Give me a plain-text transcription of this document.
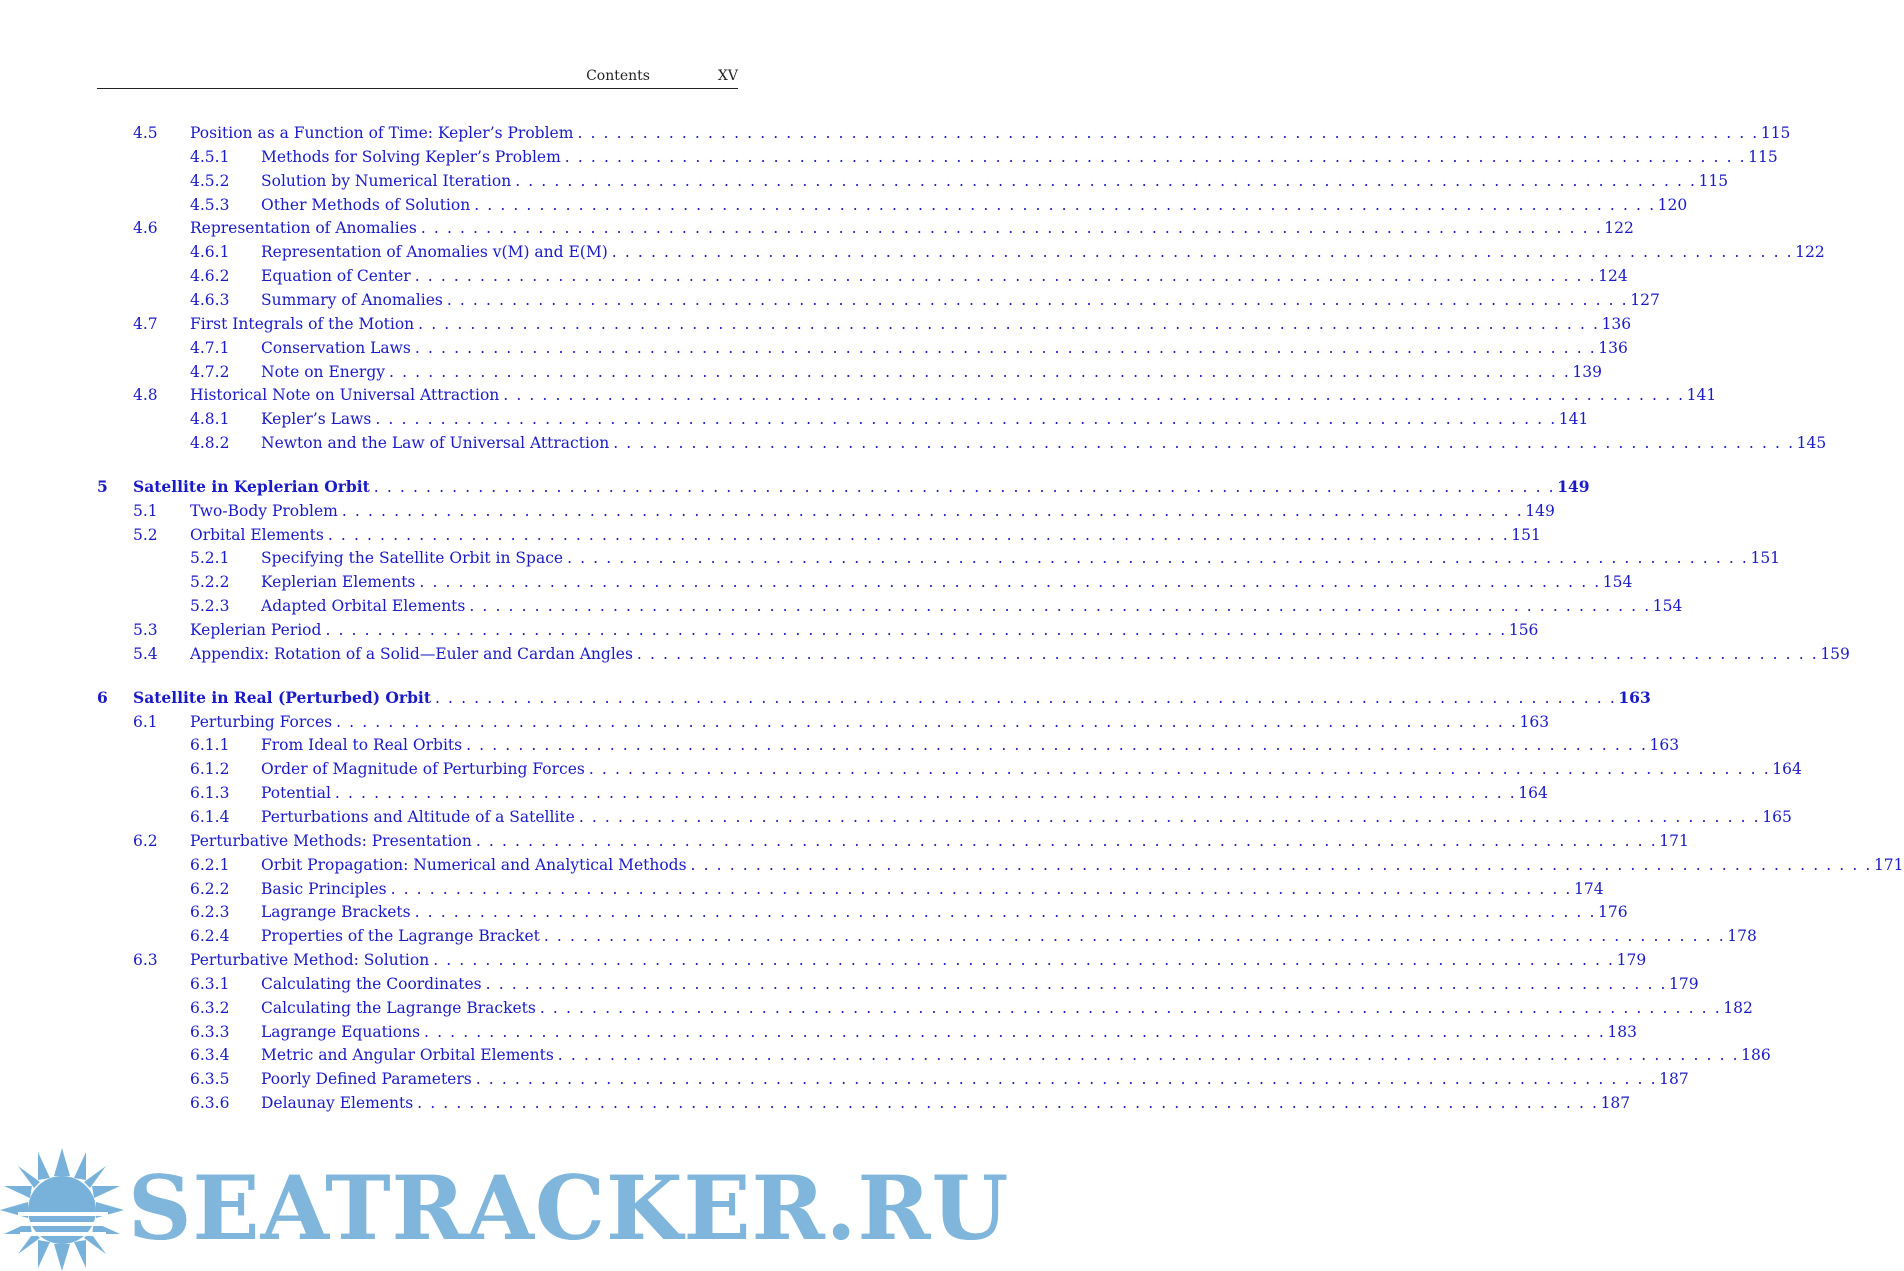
Contents	XV
4.5 Position as a Function of Time: Kepler’s Problem . . .	115
4.5.1 Methods for Solving Kepler’s Problem . . .	115
4.5.2 Solution by Numerical Iteration . . .	115
4.5.3 Other Methods of Solution . . .	120
4.6 Representation of Anomalies . . .	122
4.6.1 Representation of Anomalies v(M) and E(M) . . .	122
4.6.2 Equation of Center . . .	124
4.6.3 Summary of Anomalies . . .	127
4.7 First Integrals of the Motion . . .	136
4.7.1 Conservation Laws . . .	136
4.7.2 Note on Energy . . .	139
4.8 Historical Note on Universal Attraction . . .	141
4.8.1 Kepler’s Laws . . .	141
4.8.2 Newton and the Law of Universal Attraction . . .	145
5 Satellite in Keplerian Orbit . . .	149
5.1 Two-Body Problem . . .	149
5.2 Orbital Elements . . .	151
5.2.1 Specifying the Satellite Orbit in Space . . .	151
5.2.2 Keplerian Elements . . .	154
5.2.3 Adapted Orbital Elements . . .	154
5.3 Keplerian Period . . .	156
5.4 Appendix: Rotation of a Solid—Euler and Cardan Angles . . .	159
6 Satellite in Real (Perturbed) Orbit . . .	163
6.1 Perturbing Forces . . .	163
6.1.1 From Ideal to Real Orbits . . .	163
6.1.2 Order of Magnitude of Perturbing Forces . . .	164
6.1.3 Potential . . .	164
6.1.4 Perturbations and Altitude of a Satellite . . .	165
6.2 Perturbative Methods: Presentation . . .	171
6.2.1 Orbit Propagation: Numerical and Analytical Methods . . .	171
6.2.2 Basic Principles . . .	174
6.2.3 Lagrange Brackets . . .	176
6.2.4 Properties of the Lagrange Bracket . . .	178
6.3 Perturbative Method: Solution . . .	179
6.3.1 Calculating the Coordinates . . .	179
6.3.2 Calculating the Lagrange Brackets . . .	182
6.3.3 Lagrange Equations . . .	183
6.3.4 Metric and Angular Orbital Elements . . .	186
6.3.5 Poorly Defined Parameters . . .	187
6.3.6 Delaunay Elements . . .	187
SEATRACKER.RU
